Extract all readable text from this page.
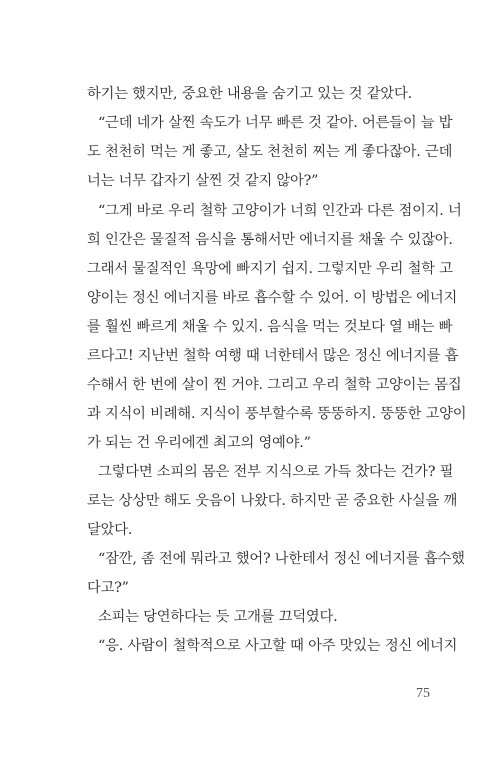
하기는 했지만, 중요한 내용을 숨기고 있는 것 같았다.
“근데 네가 살찐 속도가 너무 빠른 것 같아. 어른들이 늘 밥
도 천천히 먹는 게 좋고, 살도 천천히 찌는 게 좋다잖아. 근데
너는 너무 갑자기 살찐 것 같지 않아?”
“그게 바로 우리 철학 고양이가 너희 인간과 다른 점이지. 너
희 인간은 물질적 음식을 통해서만 에너지를 채울 수 있잖아.
그래서 물질적인 욕망에 빠지기 쉽지. 그렇지만 우리 철학 고
양이는 정신 에너지를 바로 흡수할 수 있어. 이 방법은 에너지
를 훨씬 빠르게 채울 수 있지. 음식을 먹는 것보다 열 배는 빠
르다고! 지난번 철학 여행 때 너한테서 많은 정신 에너지를 흡
수해서 한 번에 살이 찐 거야. 그리고 우리 철학 고양이는 몸집
과 지식이 비례해. 지식이 풍부할수록 뚱뚱하지. 뚱뚱한 고양이
가 되는 건 우리에겐 최고의 영예야.”
그렇다면 소피의 몸은 전부 지식으로 가득 찼다는 건가? 필
로는 상상만 해도 웃음이 나왔다. 하지만 곧 중요한 사실을 깨
달았다.
“잠깐, 좀 전에 뭐라고 했어? 나한테서 정신 에너지를 흡수했
다고?”
소피는 당연하다는 듯 고개를 끄덕였다.
“응. 사람이 철학적으로 사고할 때 아주 맛있는 정신 에너지
75
